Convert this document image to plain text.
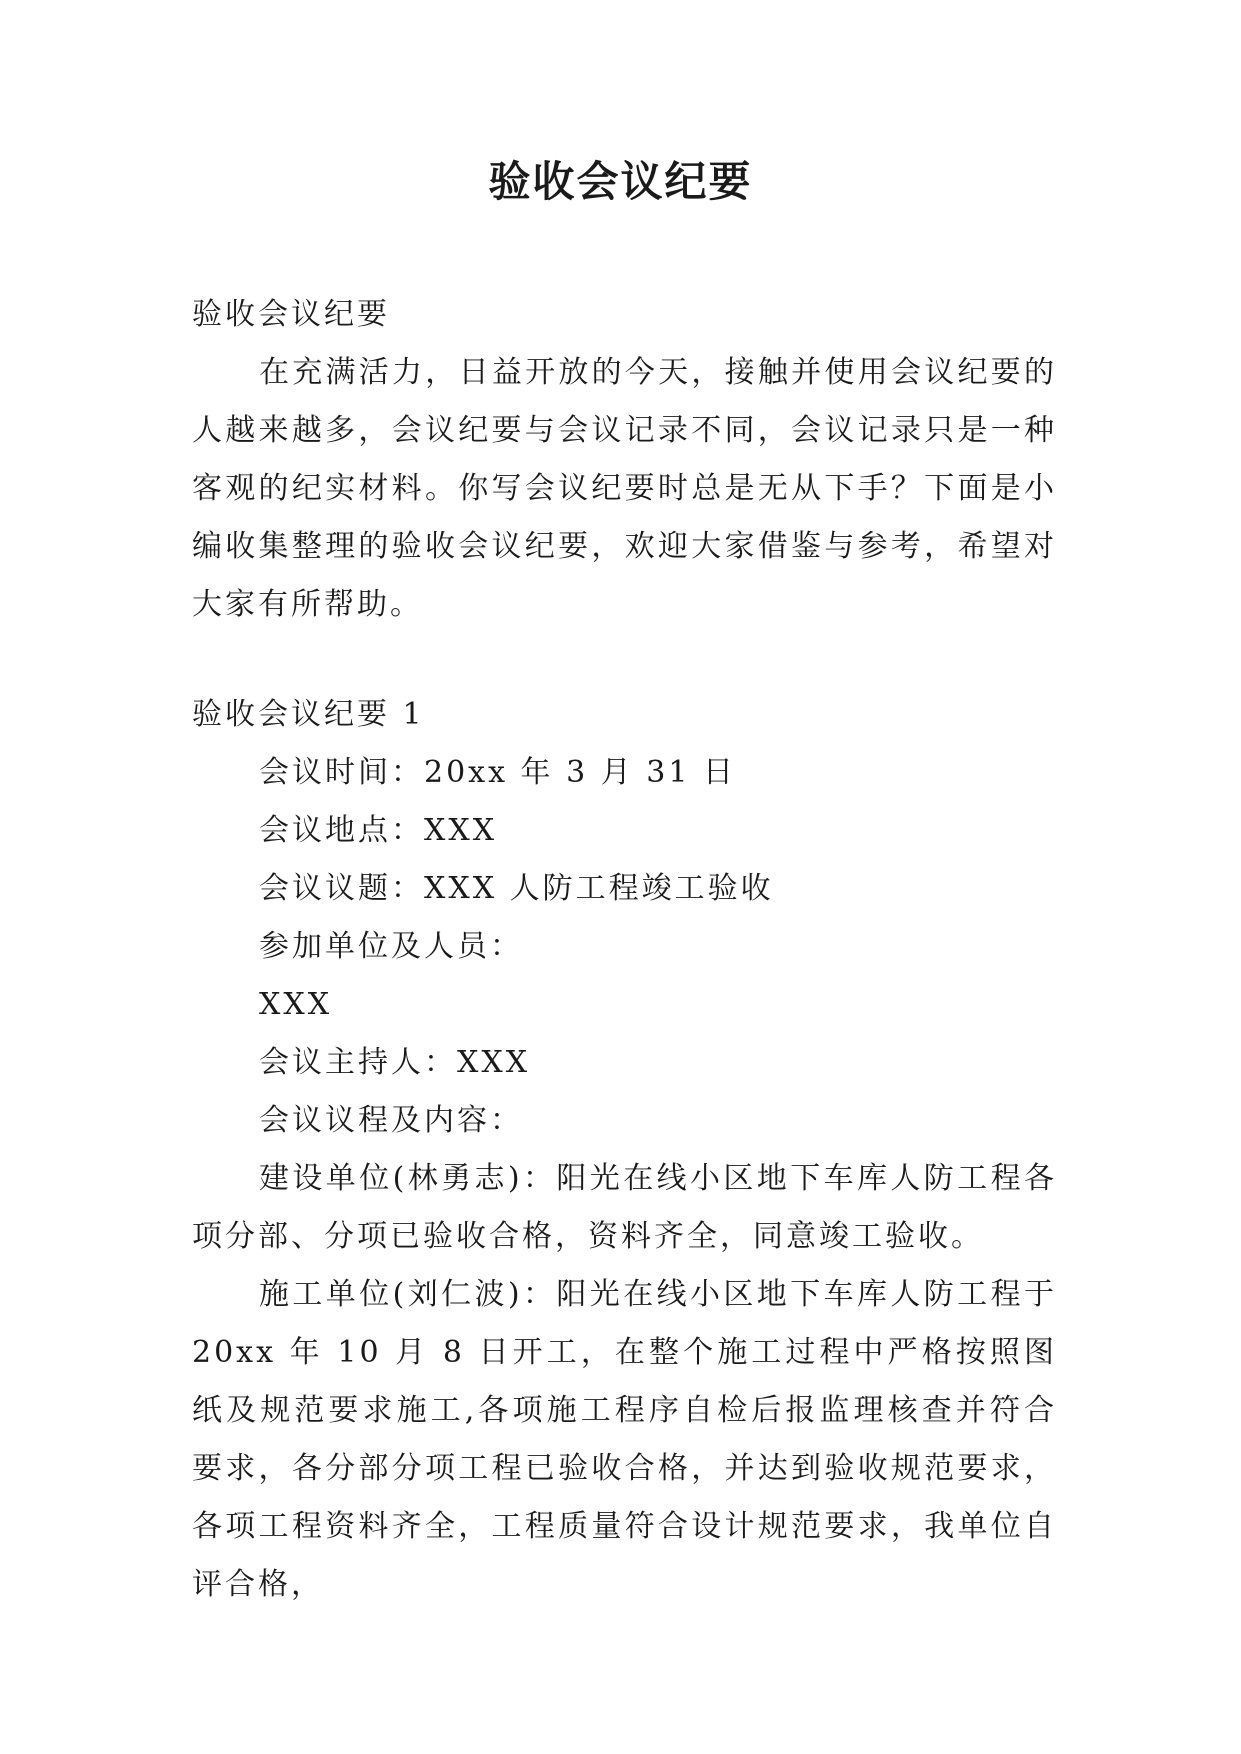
验收会议纪要

验收会议纪要

在充满活力，日益开放的今天，接触并使用会议纪要的人越来越多，会议纪要与会议记录不同，会议记录只是一种客观的纪实材料。你写会议纪要时总是无从下手？下面是小编收集整理的验收会议纪要，欢迎大家借鉴与参考，希望对大家有所帮助。

验收会议纪要 1

会议时间：20xx 年 3 月 31 日

会议地点：XXX

会议议题：XXX 人防工程竣工验收

参加单位及人员：

XXX

会议主持人：XXX

会议议程及内容：

建设单位(林勇志)：阳光在线小区地下车库人防工程各项分部、分项已验收合格，资料齐全，同意竣工验收。

施工单位(刘仁波)：阳光在线小区地下车库人防工程于20xx 年 10 月 8 日开工，在整个施工过程中严格按照图纸及规范要求施工,各项施工程序自检后报监理核查并符合要求，各分部分项工程已验收合格，并达到验收规范要求，各项工程资料齐全，工程质量符合设计规范要求，我单位自评合格，
